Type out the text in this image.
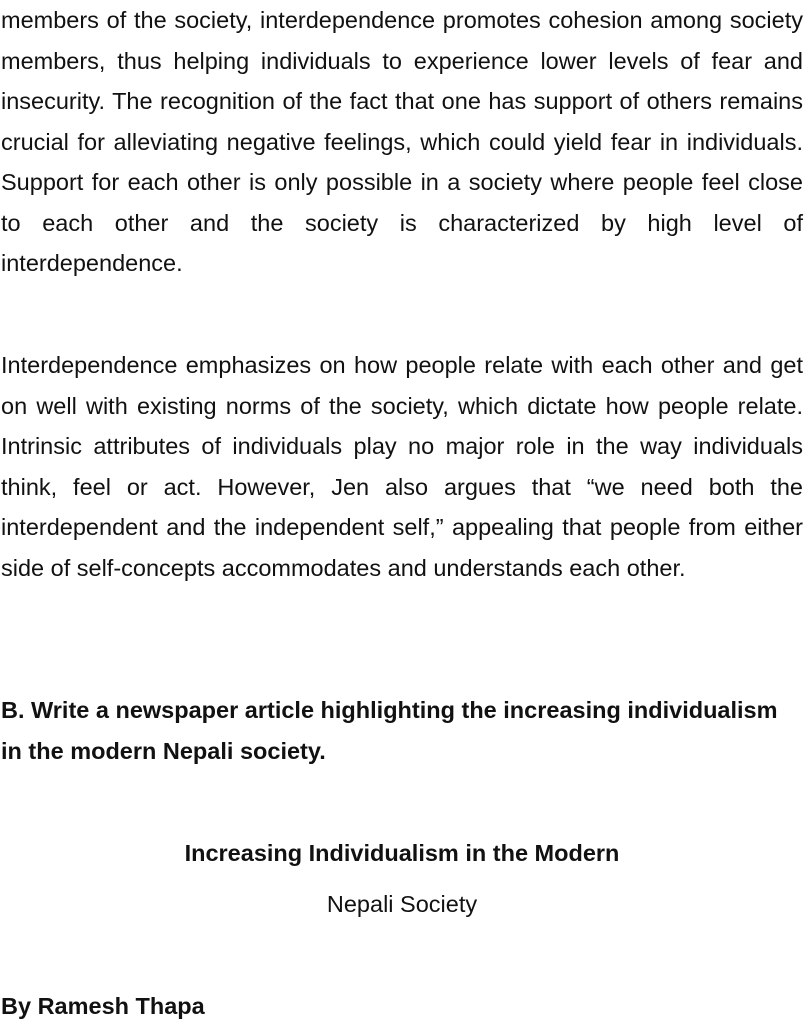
members of the society, interdependence promotes cohesion among society members, thus helping individuals to experience lower levels of fear and insecurity. The recognition of the fact that one has support of others remains crucial for alleviating negative feelings, which could yield fear in individuals. Support for each other is only possible in a society where people feel close to each other and the society is characterized by high level of interdependence.

Interdependence emphasizes on how people relate with each other and get on well with existing norms of the society, which dictate how people relate. Intrinsic attributes of individuals play no major role in the way individuals think, feel or act. However, Jen also argues that “we need both the interdependent and the independent self,” appealing that people from either side of self-concepts accommodates and understands each other.

B. Write a newspaper article highlighting the increasing individualism in the modern Nepali society.

Increasing Individualism in the Modern

Nepali Society

By Ramesh Thapa
